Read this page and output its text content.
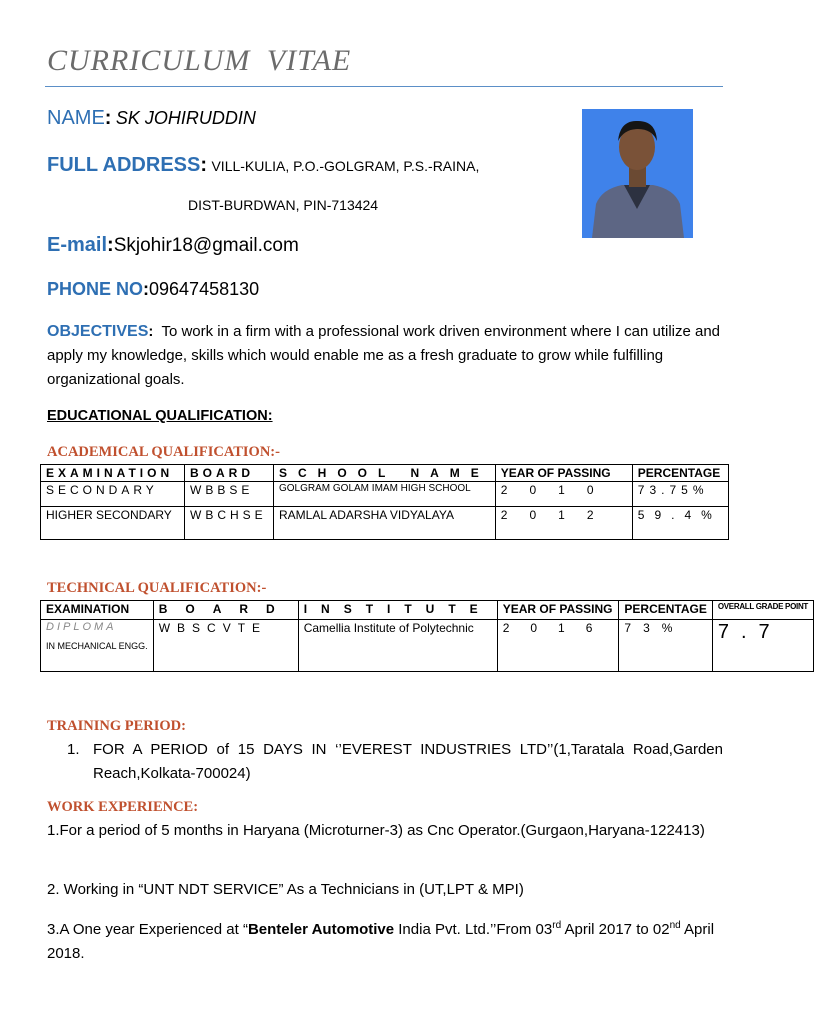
CURRICULUM VITAE
NAME: SK JOHIRUDDIN
FULL ADDRESS: VILL-KULIA, P.O.-GOLGRAM, P.S.-RAINA,
DIST-BURDWAN, PIN-713424
E-mail:Skjohir18@gmail.com
PHONE NO:09647458130
OBJECTIVES: To work in a firm with a professional work driven environment where I can utilize and apply my knowledge, skills which would enable me as a fresh graduate to grow while fulfilling organizational goals.
EDUCATIONAL QUALIFICATION:
ACADEMICAL QUALIFICATION:-
EXAMINATION	BOARD	SCHOOL NAME	YEAR OF PASSING	PERCENTAGE
SECONDARY	WBBSE	GOLGRAM GOLAM IMAM HIGH SCHOOL	2010	73.75%
HIGHER SECONDARY	WBCHSE	RAMLAL ADARSHA VIDYALAYA	2012	59.4%
TECHNICAL QUALIFICATION:-
EXAMINATION	BOARD	INSTITUTE	YEAR OF PASSING	PERCENTAGE	OVERALL GRADE POINT

DIPLOMA
IN MECHANICAL ENGG.	WBSCVTE	Camellia Institute of Polytechnic	2016	73%	7.7
TRAINING PERIOD:
1. FOR A PERIOD of 15 DAYS IN ‘’EVEREST INDUSTRIES LTD’’(1,Taratala Road,Garden Reach,Kolkata-700024)
WORK EXPERIENCE:
1.For a period of 5 months in Haryana (Microturner-3) as Cnc Operator.(Gurgaon,Haryana-122413)
2. Working in “UNT NDT SERVICE” As a Technicians in (UT,LPT & MPI)
3.A One year Experienced at “Benteler Automotive India Pvt. Ltd.’’From 03rd April 2017 to 02nd April 2018.
